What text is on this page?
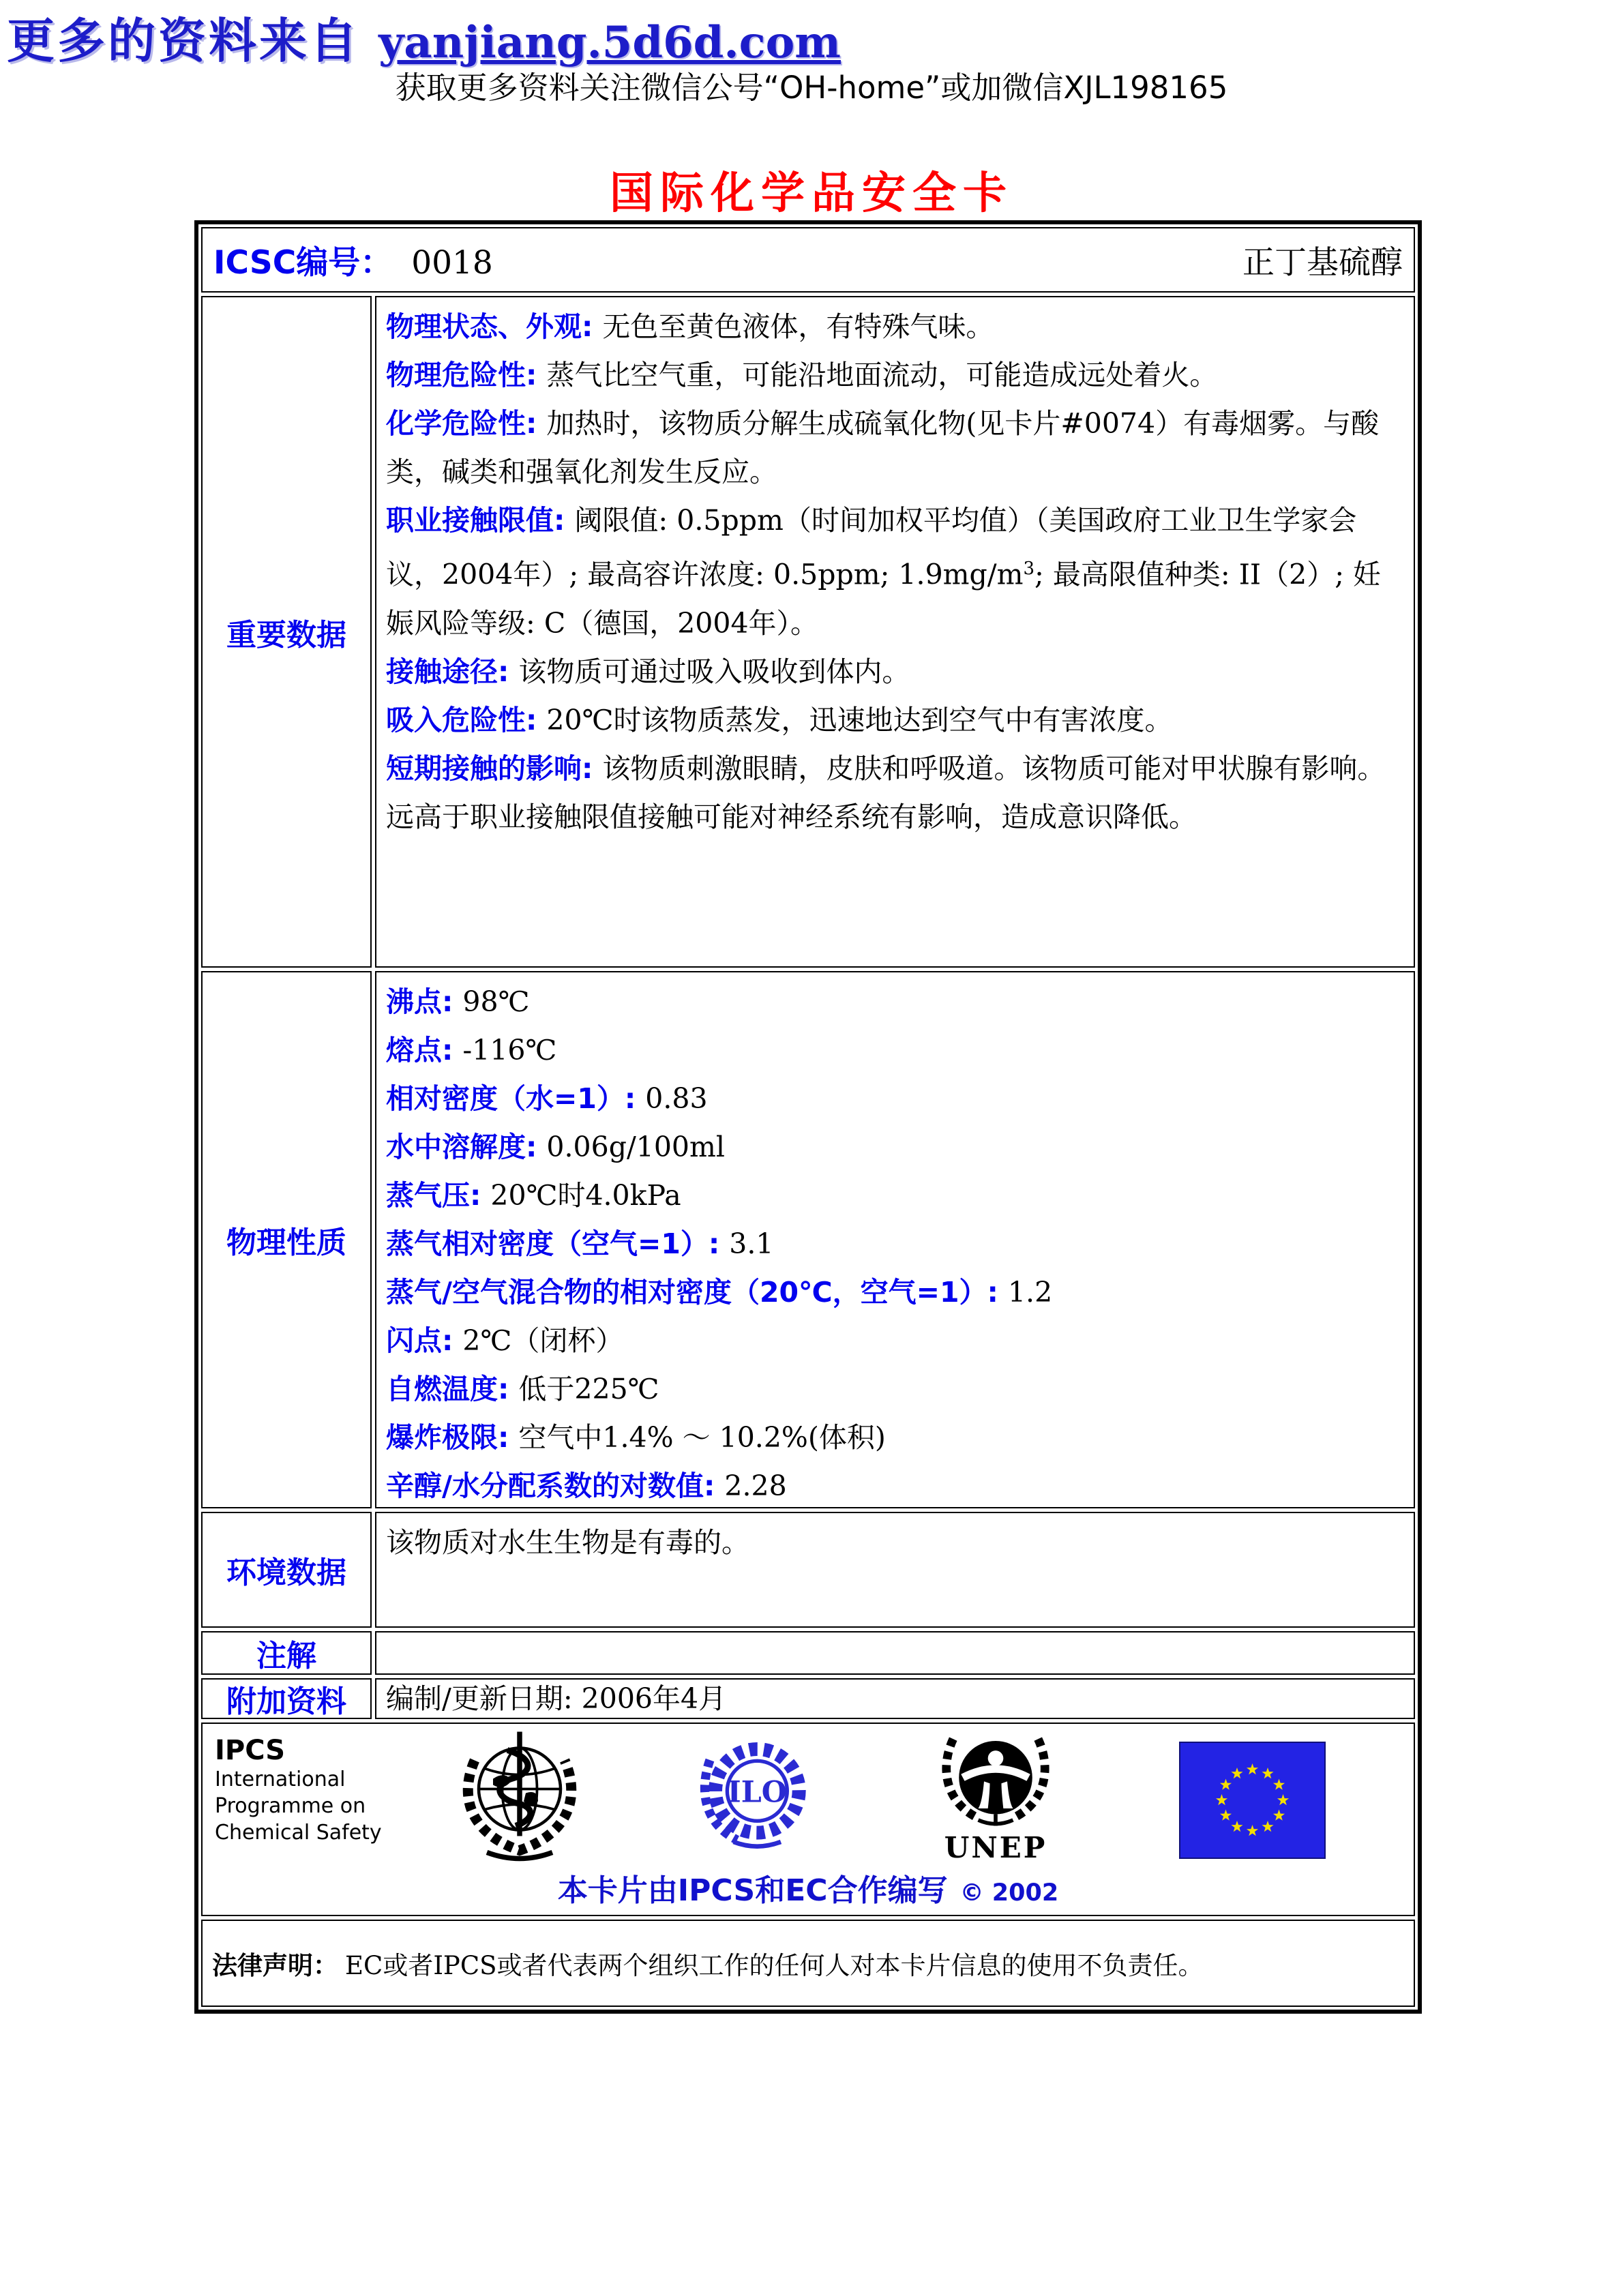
更多的资料来自 yanjiang.5d6d.com
获取更多资料关注微信公号“OH-home”或加微信XJL198165
国际化学品安全卡
ICSC编号： 0018	正丁基硫醇
重要数据
物理状态、外观: 无色至黄色液体，有特殊气味。
物理危险性: 蒸气比空气重，可能沿地面流动，可能造成远处着火。
化学危险性: 加热时，该物质分解生成硫氧化物(见卡片#0074）有毒烟雾。与酸类，碱类和强氧化剂发生反应。
职业接触限值: 阈限值: 0.5ppm（时间加权平均值）（美国政府工业卫生学家会议，2004年）; 最高容许浓度: 0.5ppm; $1.9mg/m^3$; 最高限值种类: II（2）; 妊娠风险等级: C（德国，2004年）。
接触途径: 该物质可通过吸入吸收到体内。
吸入危险性: 20℃时该物质蒸发，迅速地达到空气中有害浓度。
短期接触的影响: 该物质刺激眼睛，皮肤和呼吸道。该物质可能对甲状腺有影响。远高于职业接触限值接触可能对神经系统有影响，造成意识降低。
物理性质
沸点: 98℃
熔点: -116℃
相对密度（水=1）: 0.83
水中溶解度: 0.06g/100ml
蒸气压: 20℃时4.0kPa
蒸气相对密度（空气=1）: 3.1
蒸气/空气混合物的相对密度（20℃，空气=1）: 1.2
闪点: 2℃（闭杯）
自燃温度: 低于225℃
爆炸极限: 空气中1.4% ～ 10.2%(体积)
辛醇/水分配系数的对数值: 2.28
环境数据
该物质对水生生物是有毒的。
注解
附加资料	编制/更新日期: 2006年4月
IPCS
International
Programme on
Chemical Safety
ILO
UNEP
本卡片由IPCS和EC合作编写 © 2002
法律声明： EC或者IPCS或者代表两个组织工作的任何人对本卡片信息的使用不负责任。
